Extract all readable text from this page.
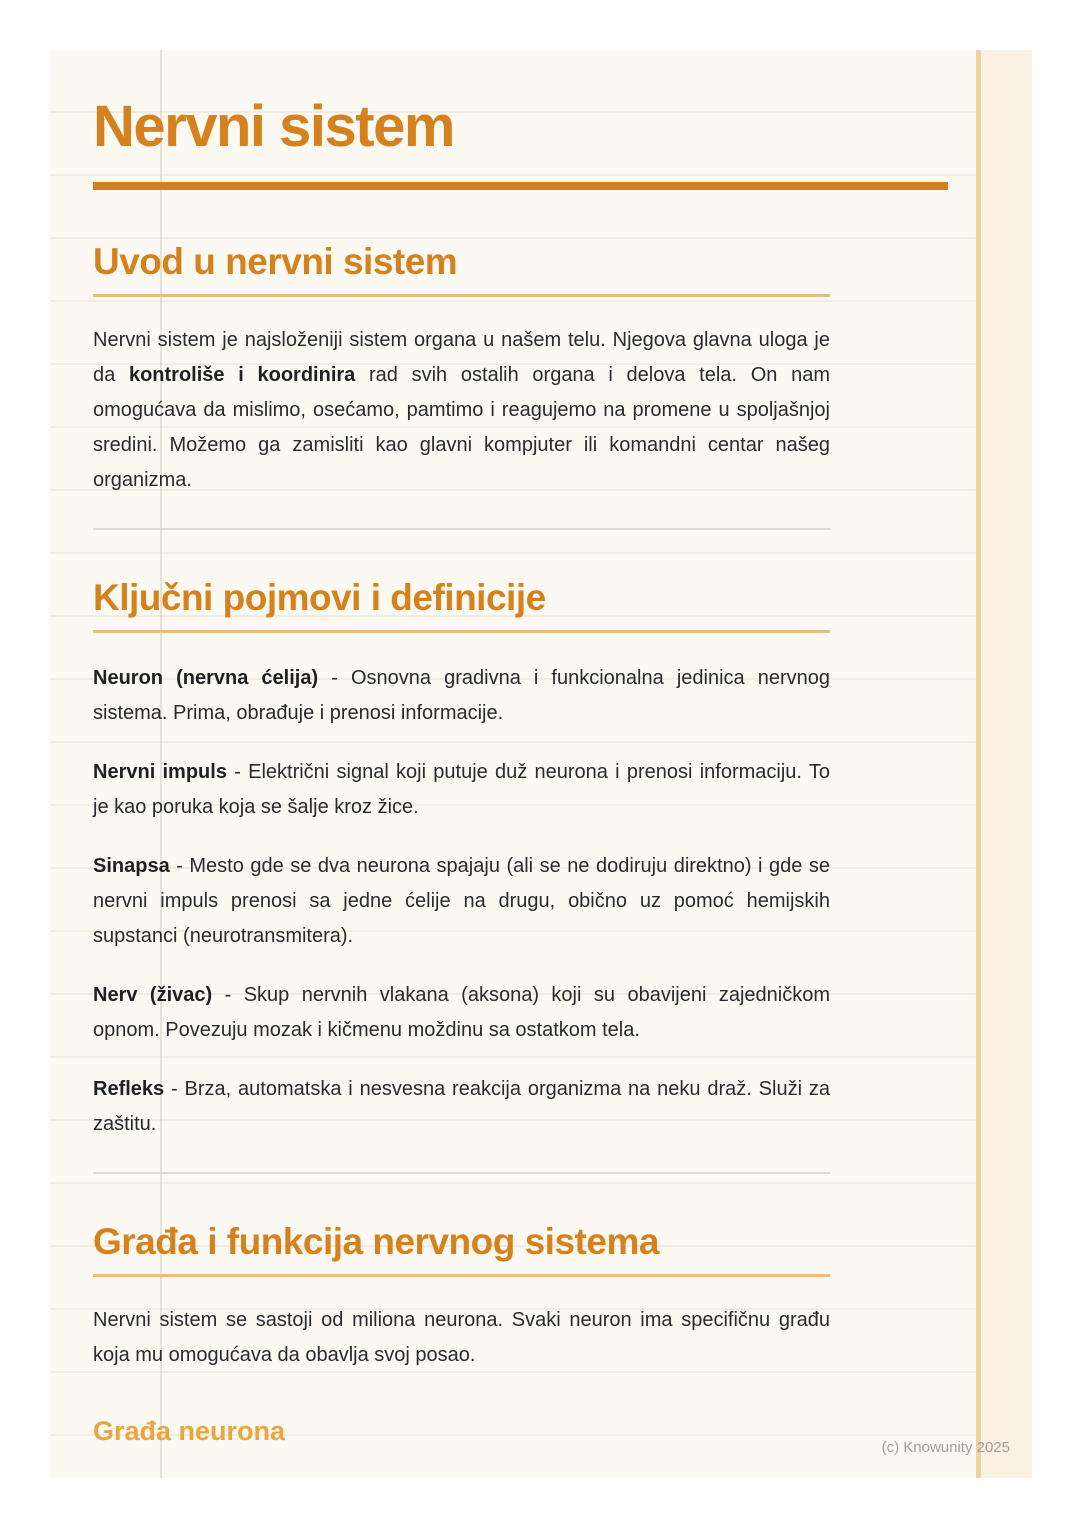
Nervni sistem
Uvod u nervni sistem

Nervni sistem je najsloženiji sistem organa u našem telu. Njegova glavna uloga je da kontroliše i koordinira rad svih ostalih organa i delova tela. On nam omogućava da mislimo, osećamo, pamtimo i reagujemo na promene u spoljašnjoj sredini. Možemo ga zamisliti kao glavni kompjuter ili komandni centar našeg organizma.

Ključni pojmovi i definicije

Neuron (nervna ćelija) - Osnovna gradivna i funkcionalna jedinica nervnog sistema. Prima, obrađuje i prenosi informacije.

Nervni impuls - Električni signal koji putuje duž neurona i prenosi informaciju. To je kao poruka koja se šalje kroz žice.

Sinapsa - Mesto gde se dva neurona spajaju (ali se ne dodiruju direktno) i gde se nervni impuls prenosi sa jedne ćelije na drugu, obično uz pomoć hemijskih supstanci (neurotransmitera).

Nerv (živac) - Skup nervnih vlakana (aksona) koji su obavijeni zajedničkom opnom. Povezuju mozak i kičmenu moždinu sa ostatkom tela.

Refleks - Brza, automatska i nesvesna reakcija organizma na neku draž. Služi za zaštitu.

Građa i funkcija nervnog sistema

Nervni sistem se sastoji od miliona neurona. Svaki neuron ima specifičnu građu koja mu omogućava da obavlja svoj posao.

Građa neurona
(c) Knowunity 2025
